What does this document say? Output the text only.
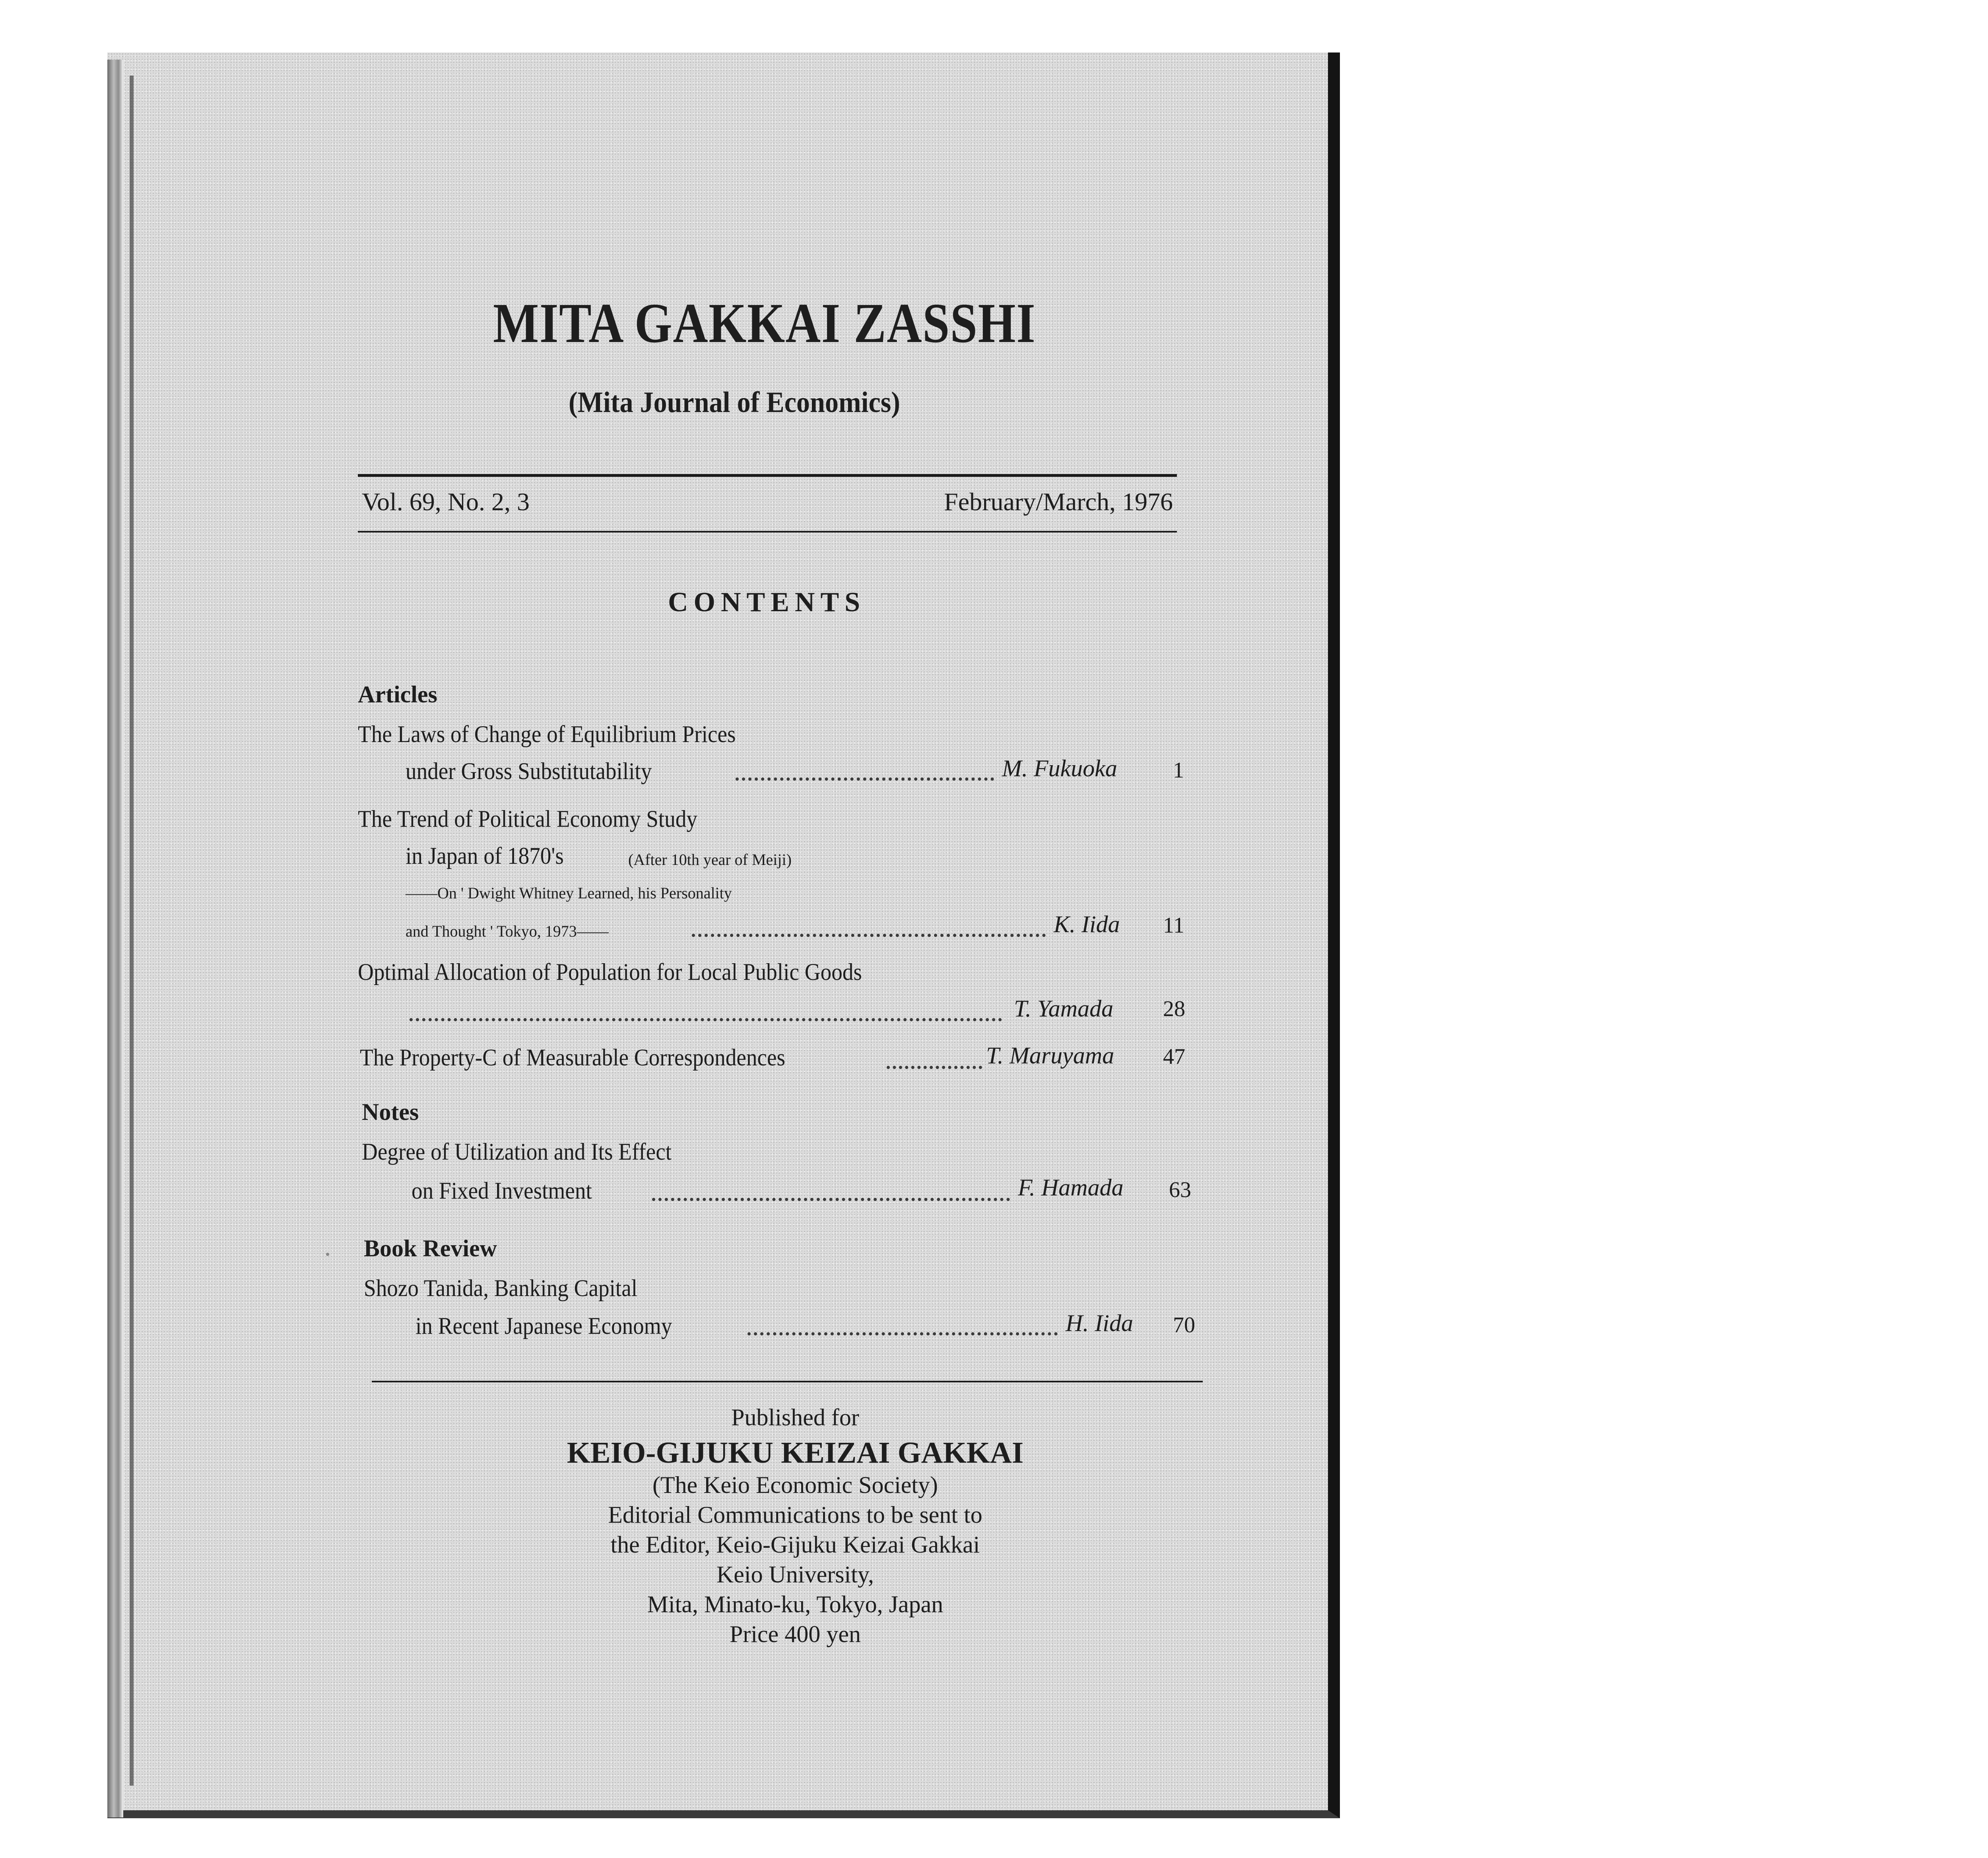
MITA GAKKAI ZASSHI
(Mita Journal of Economics)
Vol. 69, No. 2, 3	February/March, 1976
CONTENTS
Articles
The Laws of Change of Equilibrium Prices
under Gross Substitutability	M. Fukuoka	1
The Trend of Political Economy Study
in Japan of 1870's	(After 10th year of Meiji)
——On ' Dwight Whitney Learned, his Personality
and Thought ' Tokyo, 1973——	K. Iida 11
Optimal Allocation of Population for Local Public Goods
T. Yamada 28
The Property-C of Measurable Correspondences	T. Maruyama 47
Notes
Degree of Utilization and Its Effect
on Fixed Investment	F. Hamada 63
Book Review
Shozo Tanida, Banking Capital
in Recent Japanese Economy	H. Iida 70
Published for
KEIO-GIJUKU KEIZAI GAKKAI
(The Keio Economic Society)
Editorial Communications to be sent to
the Editor, Keio-Gijuku Keizai Gakkai
Keio University,
Mita, Minato-ku, Tokyo, Japan
Price 400 yen
